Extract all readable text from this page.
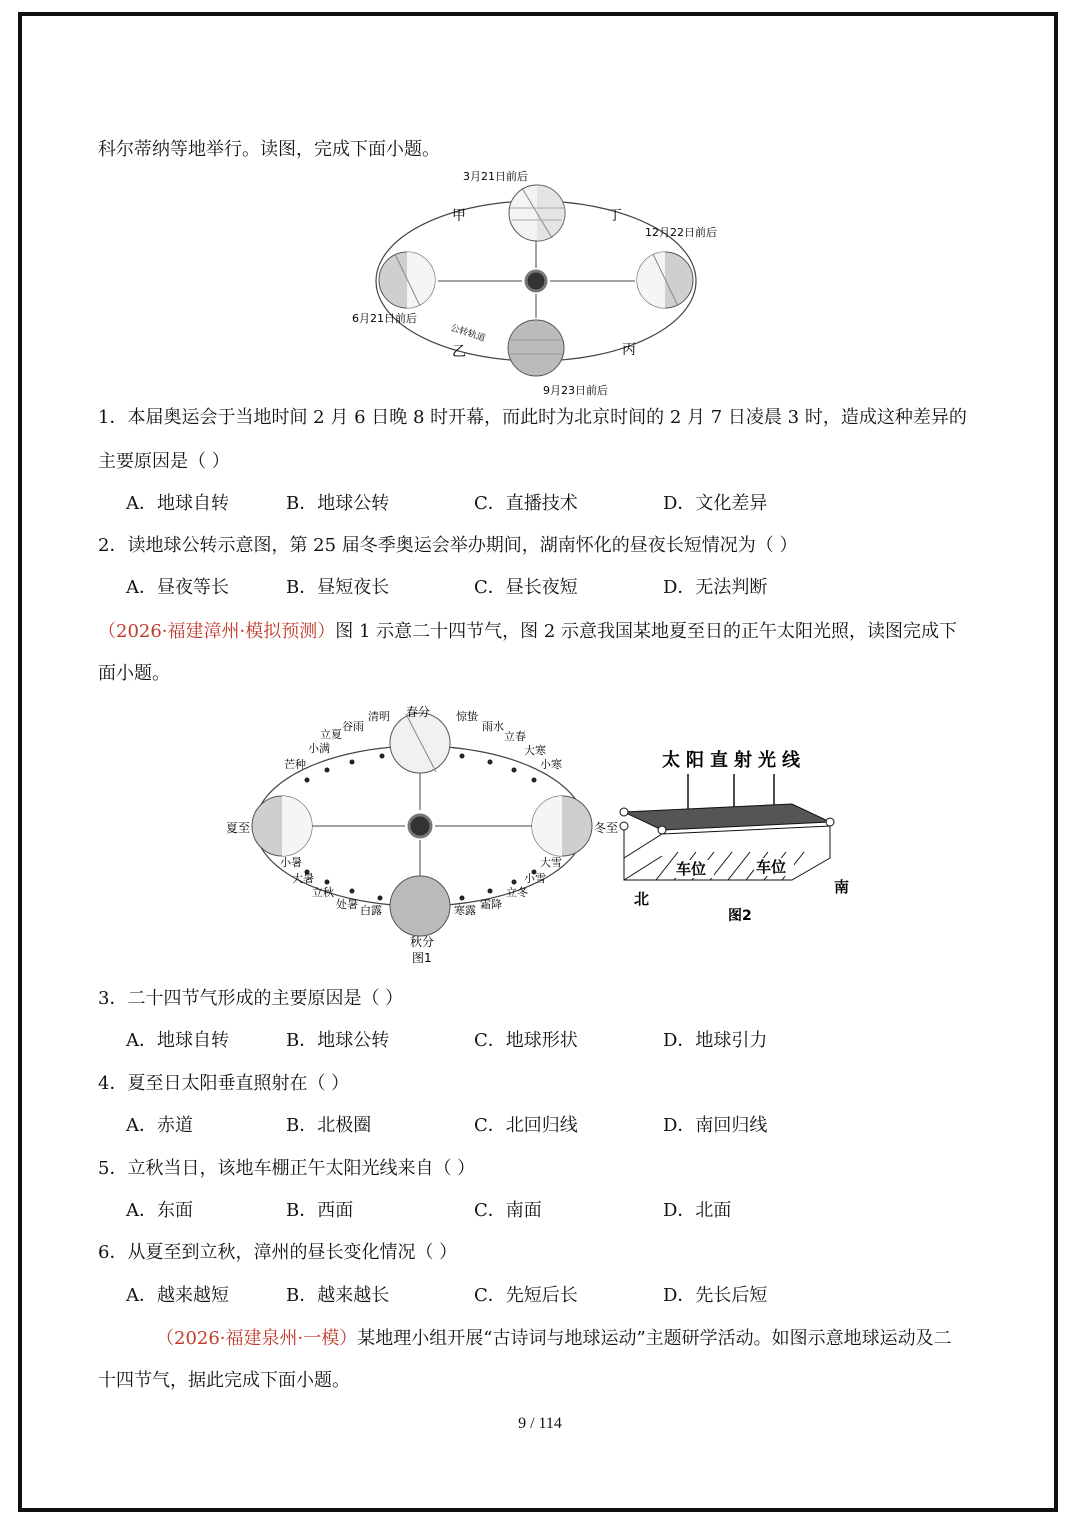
科尔蒂纳等地举行。读图，完成下面小题。
3月21日前后
6月21日前后
9月23日前后
12月22日前后
公转轨道
甲
乙	丙
丁
1．本届奥运会于当地时间 2 月 6 日晚 8 时开幕，而此时为北京时间的 2 月 7 日凌晨 3 时，造成这种差异的
主要原因是（ ）
A．地球自转	B．地球公转	C．直播技术	D．文化差异
2．读地球公转示意图，第 25 届冬季奥运会举办期间，湖南怀化的昼夜长短情况为（ ）
A．昼夜等长	B．昼短夜长	C．昼长夜短	D．无法判断
（2026·福建漳州·模拟预测）图 1 示意二十四节气，图 2 示意我国某地夏至日的正午太阳光照，读图完成下
面小题。
春分
夏至	冬至
秋分
清明
谷雨
立夏
小满
芒种
惊蛰
雨水
立春
大寒
小寒
小暑
大暑
立秋
处暑 白露
大雪
小雪
立冬
霜降
寒露
图1
太阳直射光线
车位	车位
北
南
图2
3．二十四节气形成的主要原因是（ ）
A．地球自转	B．地球公转	C．地球形状	D．地球引力
4．夏至日太阳垂直照射在（ ）
A．赤道	B．北极圈	C．北回归线	D．南回归线
5．立秋当日，该地车棚正午太阳光线来自（ ）
A．东面	B．西面	C．南面	D．北面
6．从夏至到立秋，漳州的昼长变化情况（ ）
A．越来越短	B．越来越长	C．先短后长	D．先长后短
（2026·福建泉州·一模）某地理小组开展“古诗词与地球运动”主题研学活动。如图示意地球运动及二
十四节气，据此完成下面小题。
9 / 114
